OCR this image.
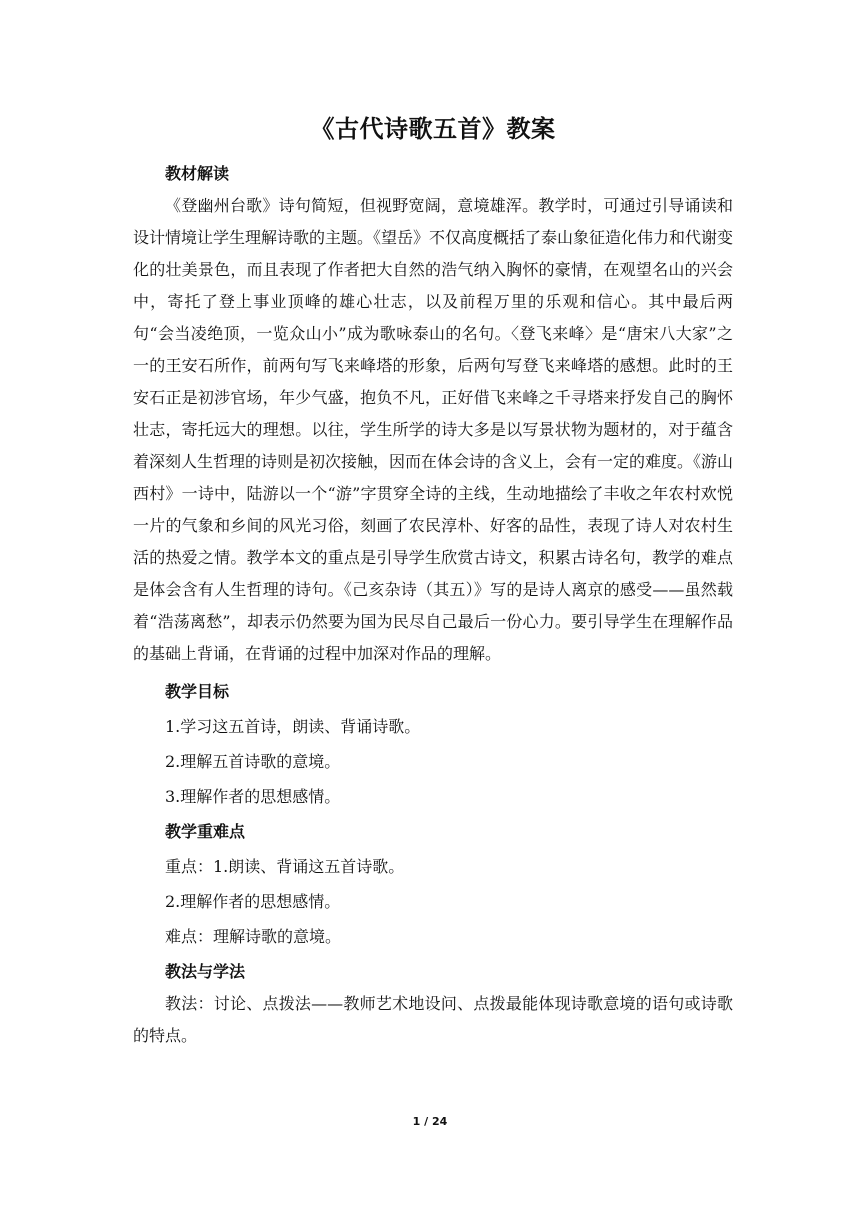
《古代诗歌五首》教案
教材解读

《登幽州台歌》诗句简短，但视野宽阔，意境雄浑。教学时，可通过引导诵读和设计情境让学生理解诗歌的主题。《望岳》不仅高度概括了泰山象征造化伟力和代谢变化的壮美景色，而且表现了作者把大自然的浩气纳入胸怀的豪情，在观望名山的兴会中，寄托了登上事业顶峰的雄心壮志，以及前程万里的乐观和信心。其中最后两句“会当凌绝顶，一览众山小”成为歌咏泰山的名句。〈登飞来峰〉是“唐宋八大家”之一的王安石所作，前两句写飞来峰塔的形象，后两句写登飞来峰塔的感想。此时的王安石正是初涉官场，年少气盛，抱负不凡，正好借飞来峰之千寻塔来抒发自己的胸怀壮志，寄托远大的理想。以往，学生所学的诗大多是以写景状物为题材的，对于蕴含着深刻人生哲理的诗则是初次接触，因而在体会诗的含义上，会有一定的难度。《游山西村》一诗中，陆游以一个“游”字贯穿全诗的主线，生动地描绘了丰收之年农村欢悦一片的气象和乡间的风光习俗，刻画了农民淳朴、好客的品性，表现了诗人对农村生活的热爱之情。教学本文的重点是引导学生欣赏古诗文，积累古诗名句，教学的难点是体会含有人生哲理的诗句。《己亥杂诗（其五）》写的是诗人离京的感受——虽然载着“浩荡离愁”，却表示仍然要为国为民尽自己最后一份心力。要引导学生在理解作品的基础上背诵，在背诵的过程中加深对作品的理解。

教学目标
1.学习这五首诗，朗读、背诵诗歌。
2.理解五首诗歌的意境。
3.理解作者的思想感情。
教学重难点
重点：1.朗读、背诵这五首诗歌。
2.理解作者的思想感情。
难点：理解诗歌的意境。
教法与学法

教法：讨论、点拨法——教师艺术地设问、点拨最能体现诗歌意境的语句或诗歌的特点。

1 / 24
